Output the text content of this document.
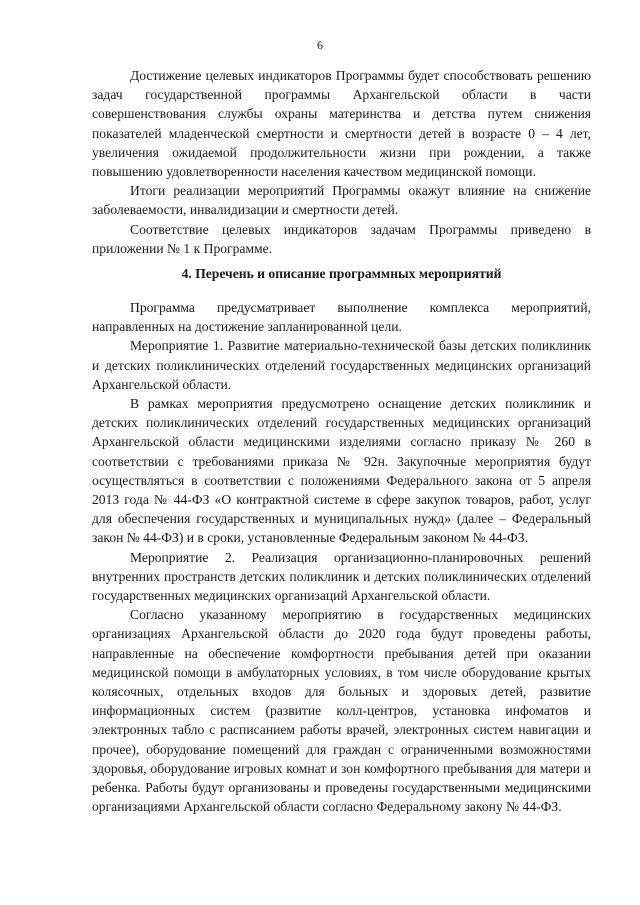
6

Достижение целевых индикаторов Программы будет способствовать решению задач государственной программы Архангельской области в части совершенствования службы охраны материнства и детства путем снижения показателей младенческой смертности и смертности детей в возрасте 0 – 4 лет, увеличения ожидаемой продолжительности жизни при рождении, а также повышению удовлетворенности населения качеством медицинской помощи.

Итоги реализации мероприятий Программы окажут влияние на снижение заболеваемости, инвалидизации и смертности детей.

Соответствие целевых индикаторов задачам Программы приведено в приложении № 1 к Программе.

4. Перечень и описание программных мероприятий

Программа предусматривает выполнение комплекса мероприятий, направленных на достижение запланированной цели.

Мероприятие 1. Развитие материально-технической базы детских поликлиник и детских поликлинических отделений государственных медицинских организаций Архангельской области.

В рамках мероприятия предусмотрено оснащение детских поликлиник и детских поликлинических отделений государственных медицинских организаций Архангельской области медицинскими изделиями согласно приказу № 260 в соответствии с требованиями приказа № 92н. Закупочные мероприятия будут осуществляться в соответствии с положениями Федерального закона от 5 апреля 2013 года № 44-ФЗ «О контрактной системе в сфере закупок товаров, работ, услуг для обеспечения государственных и муниципальных нужд» (далее – Федеральный закон № 44-ФЗ) и в сроки, установленные Федеральным законом № 44-ФЗ.

Мероприятие 2. Реализация организационно-планировочных решений внутренних пространств детских поликлиник и детских поликлинических отделений государственных медицинских организаций Архангельской области.

Согласно указанному мероприятию в государственных медицинских организациях Архангельской области до 2020 года будут проведены работы, направленные на обеспечение комфортности пребывания детей при оказании медицинской помощи в амбулаторных условиях, в том числе оборудование крытых колясочных, отдельных входов для больных и здоровых детей, развитие информационных систем (развитие колл-центров, установка инфоматов и электронных табло с расписанием работы врачей, электронных систем навигации и прочее), оборудование помещений для граждан с ограниченными возможностями здоровья, оборудование игровых комнат и зон комфортного пребывания для матери и ребенка. Работы будут организованы и проведены государственными медицинскими организациями Архангельской области согласно Федеральному закону № 44-ФЗ.
